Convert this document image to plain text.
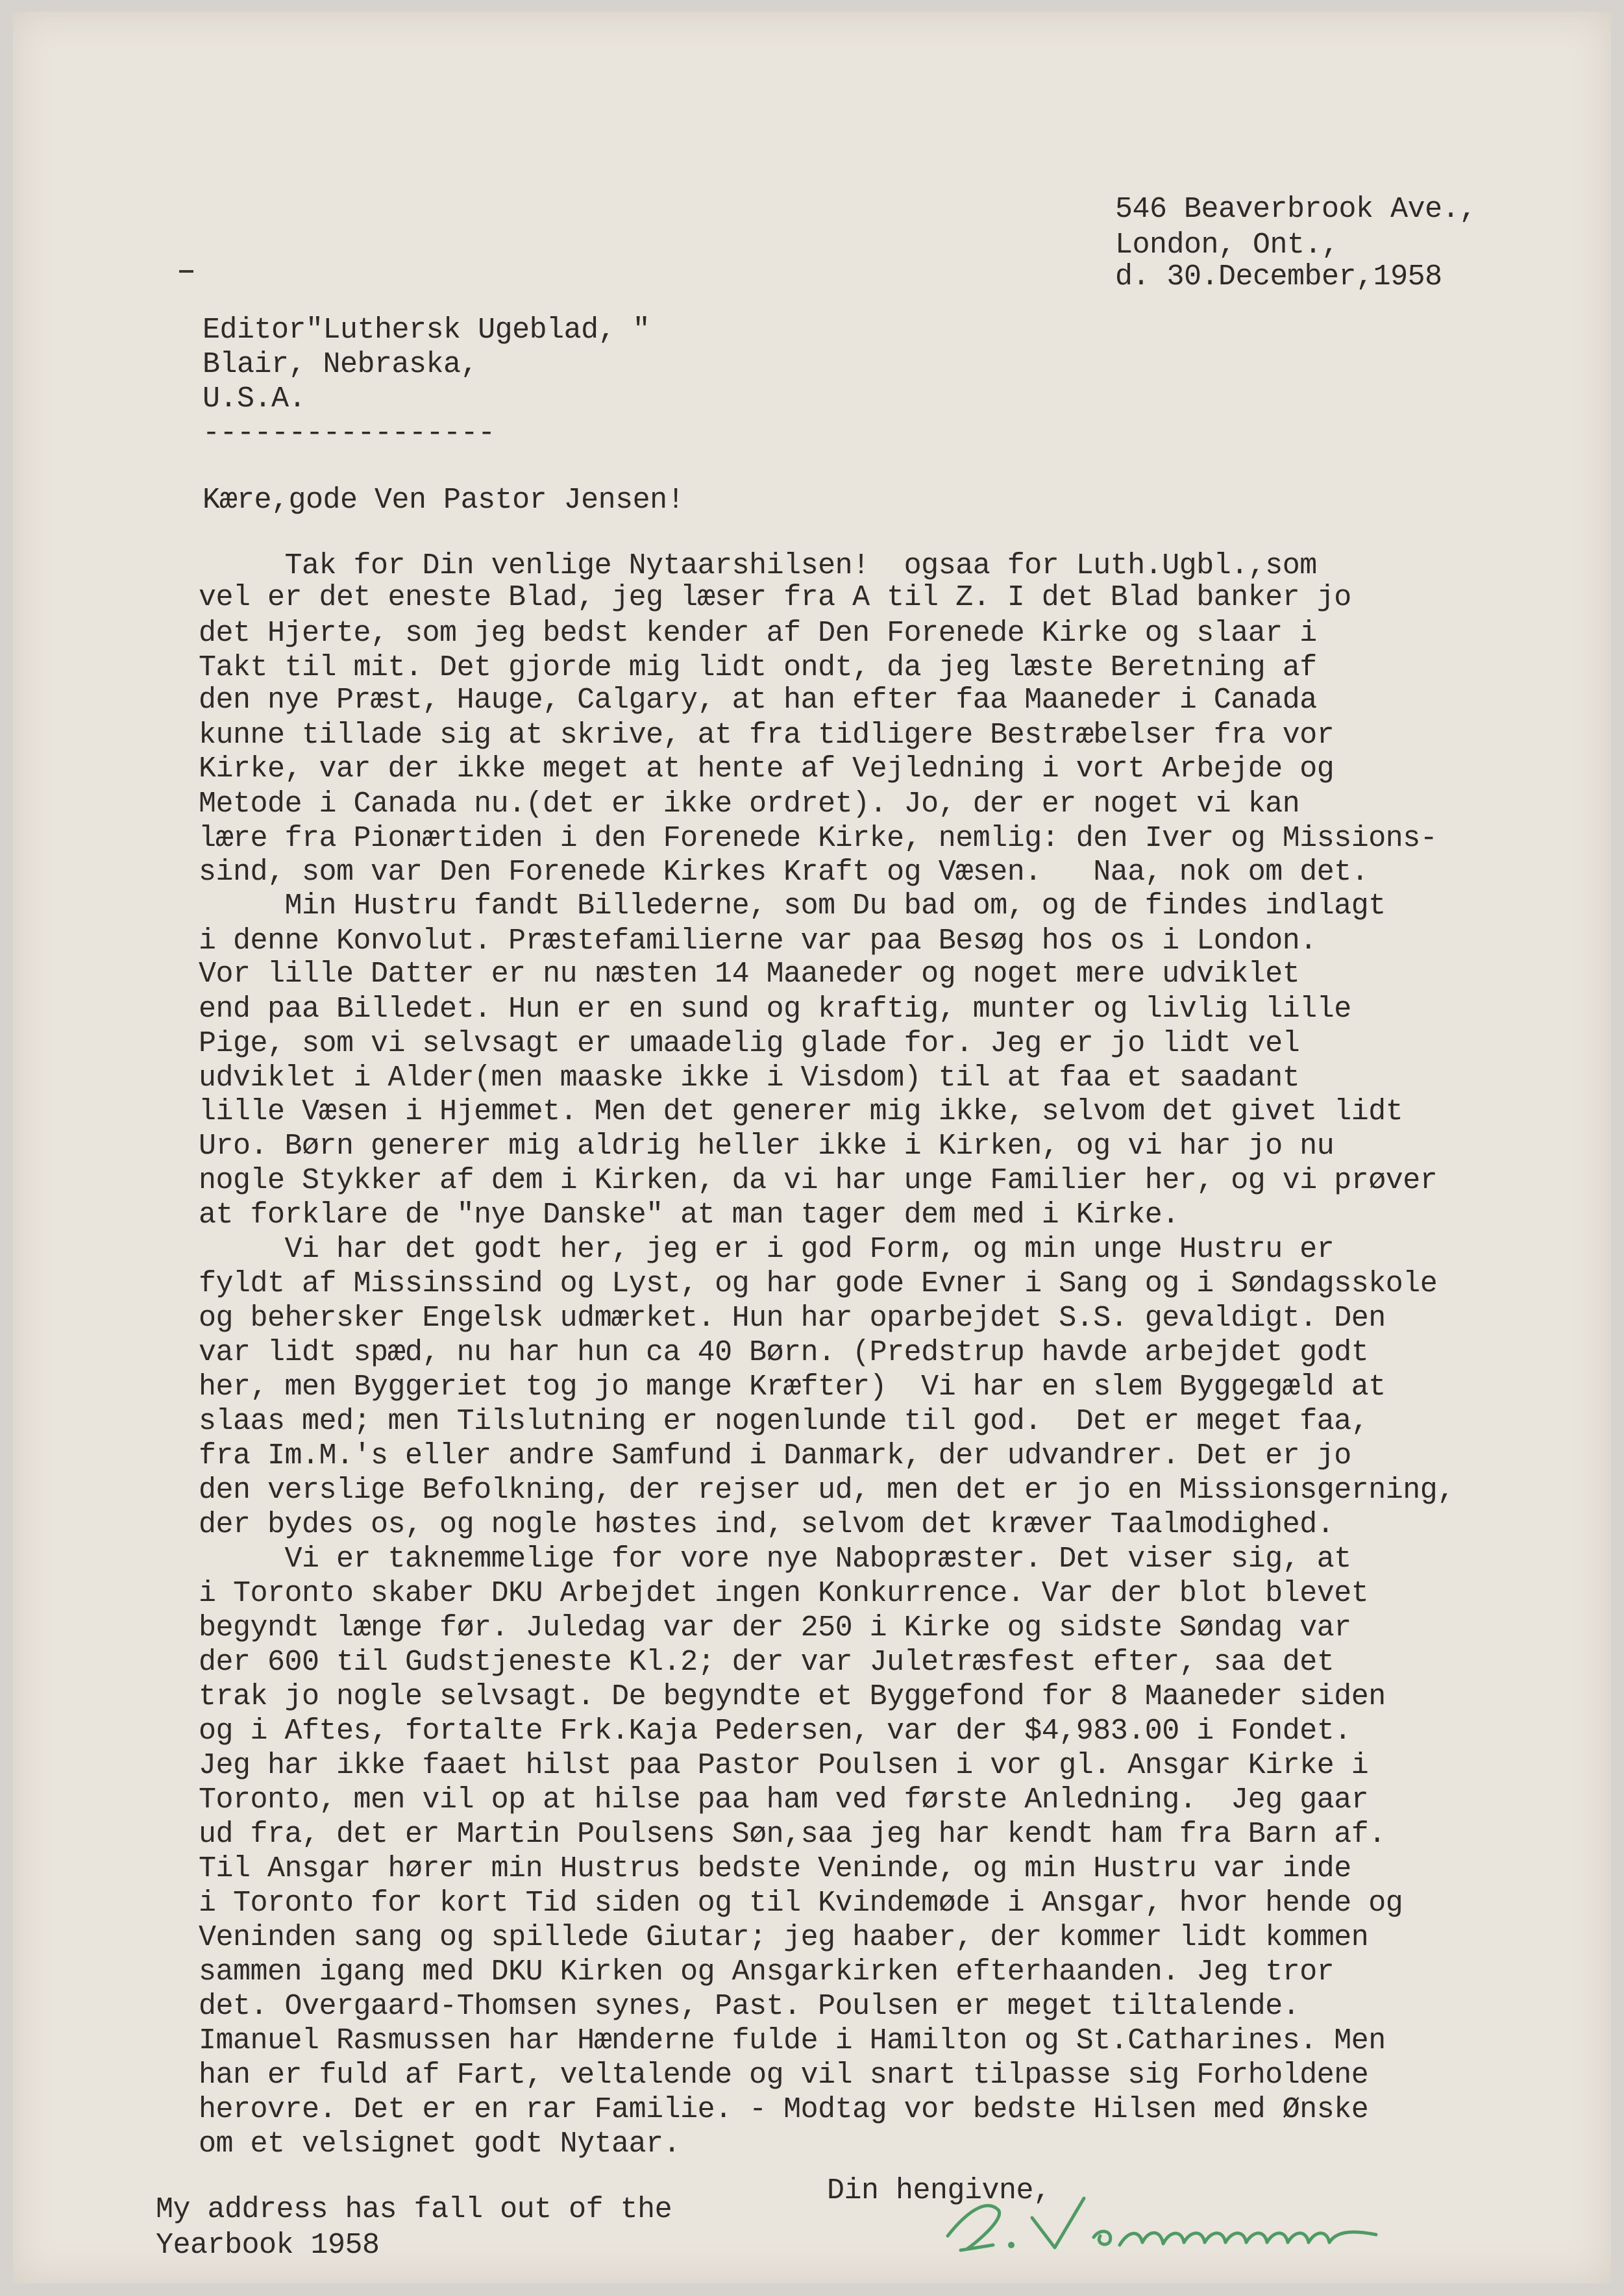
546 Beaverbrook Ave.,
London, Ont.,
d. 30.December,1958
Editor"Luthersk Ugeblad, "
Blair, Nebraska,
U.S.A.
-----------------
Kære,gode Ven Pastor Jensen!
Tak for Din venlige Nytaarshilsen!  ogsaa for Luth.Ugbl.,som
vel er det eneste Blad, jeg læser fra A til Z. I det Blad banker jo
det Hjerte, som jeg bedst kender af Den Forenede Kirke og slaar i
Takt til mit. Det gjorde mig lidt ondt, da jeg læste Beretning af
den nye Præst, Hauge, Calgary, at han efter faa Maaneder i Canada
kunne tillade sig at skrive, at fra tidligere Bestræbelser fra vor
Kirke, var der ikke meget at hente af Vejledning i vort Arbejde og
Metode i Canada nu.(det er ikke ordret). Jo, der er noget vi kan
lære fra Pionærtiden i den Forenede Kirke, nemlig: den Iver og Missions-
sind, som var Den Forenede Kirkes Kraft og Væsen.   Naa, nok om det.
Min Hustru fandt Billederne, som Du bad om, og de findes indlagt
i denne Konvolut. Præstefamilierne var paa Besøg hos os i London.
Vor lille Datter er nu næsten 14 Maaneder og noget mere udviklet
end paa Billedet. Hun er en sund og kraftig, munter og livlig lille
Pige, som vi selvsagt er umaadelig glade for. Jeg er jo lidt vel
udviklet i Alder(men maaske ikke i Visdom) til at faa et saadant
lille Væsen i Hjemmet. Men det generer mig ikke, selvom det givet lidt
Uro. Børn generer mig aldrig heller ikke i Kirken, og vi har jo nu
nogle Stykker af dem i Kirken, da vi har unge Familier her, og vi prøver
at forklare de "nye Danske" at man tager dem med i Kirke.
Vi har det godt her, jeg er i god Form, og min unge Hustru er
fyldt af Missinssind og Lyst, og har gode Evner i Sang og i Søndagsskole
og behersker Engelsk udmærket. Hun har oparbejdet S.S. gevaldigt. Den
var lidt spæd, nu har hun ca 40 Børn. (Predstrup havde arbejdet godt
her, men Byggeriet tog jo mange Kræfter)  Vi har en slem Byggegæld at
slaas med; men Tilslutning er nogenlunde til god.  Det er meget faa,
fra Im.M.'s eller andre Samfund i Danmark, der udvandrer. Det er jo
den verslige Befolkning, der rejser ud, men det er jo en Missionsgerning,
der bydes os, og nogle høstes ind, selvom det kræver Taalmodighed.
Vi er taknemmelige for vore nye Nabopræster. Det viser sig, at
i Toronto skaber DKU Arbejdet ingen Konkurrence. Var der blot blevet
begyndt længe før. Juledag var der 250 i Kirke og sidste Søndag var
der 600 til Gudstjeneste Kl.2; der var Juletræsfest efter, saa det
trak jo nogle selvsagt. De begyndte et Byggefond for 8 Maaneder siden
og i Aftes, fortalte Frk.Kaja Pedersen, var der $4,983.00 i Fondet.
Jeg har ikke faaet hilst paa Pastor Poulsen i vor gl. Ansgar Kirke i
Toronto, men vil op at hilse paa ham ved første Anledning.  Jeg gaar
ud fra, det er Martin Poulsens Søn,saa jeg har kendt ham fra Barn af.
Til Ansgar hører min Hustrus bedste Veninde, og min Hustru var inde
i Toronto for kort Tid siden og til Kvindemøde i Ansgar, hvor hende og
Veninden sang og spillede Giutar; jeg haaber, der kommer lidt kommen
sammen igang med DKU Kirken og Ansgarkirken efterhaanden. Jeg tror
det. Overgaard-Thomsen synes, Past. Poulsen er meget tiltalende.
Imanuel Rasmussen har Hænderne fulde i Hamilton og St.Catharines. Men
han er fuld af Fart, veltalende og vil snart tilpasse sig Forholdene
herovre. Det er en rar Familie. - Modtag vor bedste Hilsen med Ønske
om et velsignet godt Nytaar.
Din hengivne,
My address has fall out of the
Yearbook 1958
